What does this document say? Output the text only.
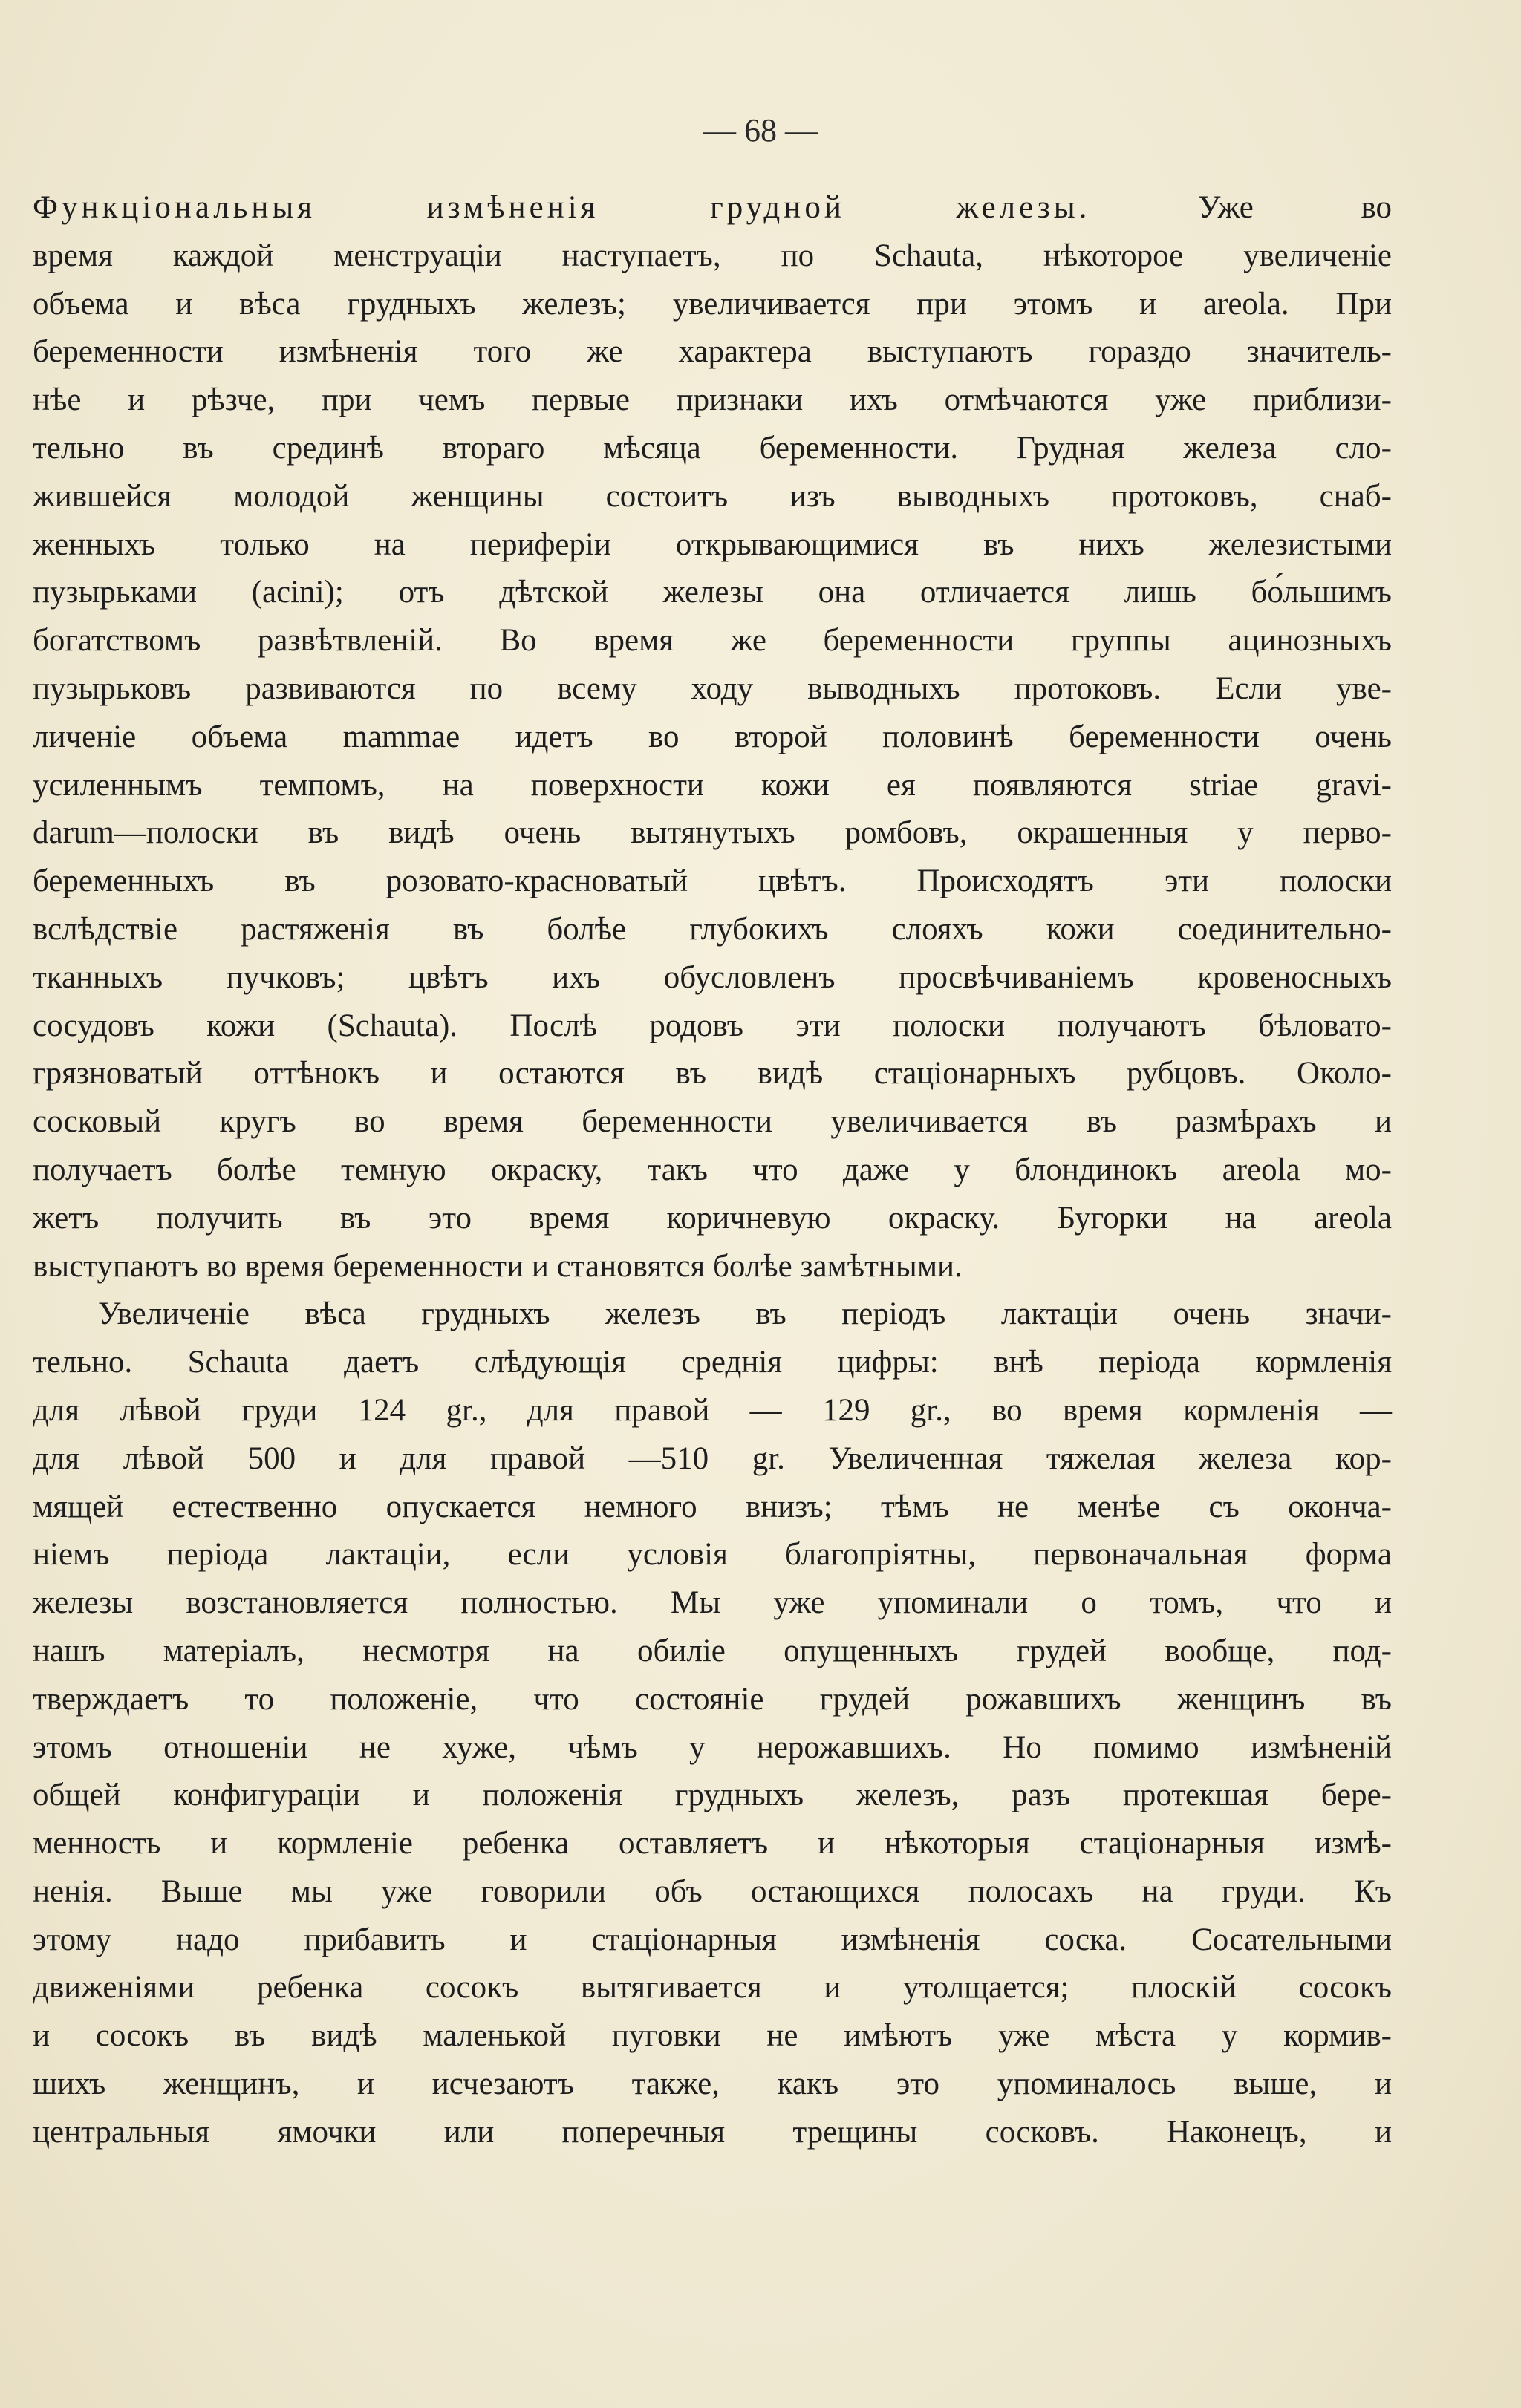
— 68 —
Функціональныя измѣненія грудной железы. Уже во
время каждой менструаціи наступаетъ, по Schauta, нѣкоторое увеличеніе
объема и вѣса грудныхъ железъ; увеличивается при этомъ и areola. При
беременности измѣненія того же характера выступаютъ гораздо значитель-
нѣе и рѣзче, при чемъ первые признаки ихъ отмѣчаются уже приблизи-
тельно въ срединѣ втораго мѣсяца беременности. Грудная железа сло-
жившейся молодой женщины состоитъ изъ выводныхъ протоковъ, снаб-
женныхъ только на периферіи открывающимися въ нихъ железистыми
пузырьками (acini); отъ дѣтской железы она отличается лишь бо́льшимъ
богатствомъ развѣтвленій. Во время же беременности группы ацинозныхъ
пузырьковъ развиваются по всему ходу выводныхъ протоковъ. Если уве-
личеніе объема mammae идетъ во второй половинѣ беременности очень
усиленнымъ темпомъ, на поверхности кожи ея появляются striae gravi-
darum—полоски въ видѣ очень вытянутыхъ ромбовъ, окрашенныя у перво-
беременныхъ въ розовато-красноватый цвѣтъ. Происходятъ эти полоски
вслѣдствіе растяженія въ болѣе глубокихъ слояхъ кожи соединительно-
тканныхъ пучковъ; цвѣтъ ихъ обусловленъ просвѣчиваніемъ кровеносныхъ
сосудовъ кожи (Schauta). Послѣ родовъ эти полоски получаютъ бѣловато-
грязноватый оттѣнокъ и остаются въ видѣ стаціонарныхъ рубцовъ. Около-
сосковый кругъ во время беременности увеличивается въ размѣрахъ и
получаетъ болѣе темную окраску, такъ что даже у блондинокъ areola мо-
жетъ получить въ это время коричневую окраску. Бугорки на areola
выступаютъ во время беременности и становятся болѣе замѣтными.
Увеличеніе вѣса грудныхъ железъ въ періодъ лактаціи очень значи-
тельно. Schauta даетъ слѣдующія среднія цифры: внѣ періода кормленія
для лѣвой груди 124 gr., для правой — 129 gr., во время кормленія —
для лѣвой 500 и для правой —510 gr. Увеличенная тяжелая железа кор-
мящей естественно опускается немного внизъ; тѣмъ не менѣе съ оконча-
ніемъ періода лактаціи, если условія благопріятны, первоначальная форма
железы возстановляется полностью. Мы уже упоминали о томъ, что и
нашъ матеріалъ, несмотря на обиліе опущенныхъ грудей вообще, под-
тверждаетъ то положеніе, что состояніе грудей рожавшихъ женщинъ въ
этомъ отношеніи не хуже, чѣмъ у нерожавшихъ. Но помимо измѣненій
общей конфигураціи и положенія грудныхъ железъ, разъ протекшая бере-
менность и кормленіе ребенка оставляетъ и нѣкоторыя стаціонарныя измѣ-
ненія. Выше мы уже говорили объ остающихся полосахъ на груди. Къ
этому надо прибавить и стаціонарныя измѣненія соска. Сосательными
движеніями ребенка сосокъ вытягивается и утолщается; плоскій сосокъ
и сосокъ въ видѣ маленькой пуговки не имѣютъ уже мѣста у кормив-
шихъ женщинъ, и исчезаютъ также, какъ это упоминалось выше, и
центральныя ямочки или поперечныя трещины сосковъ. Наконецъ, и
